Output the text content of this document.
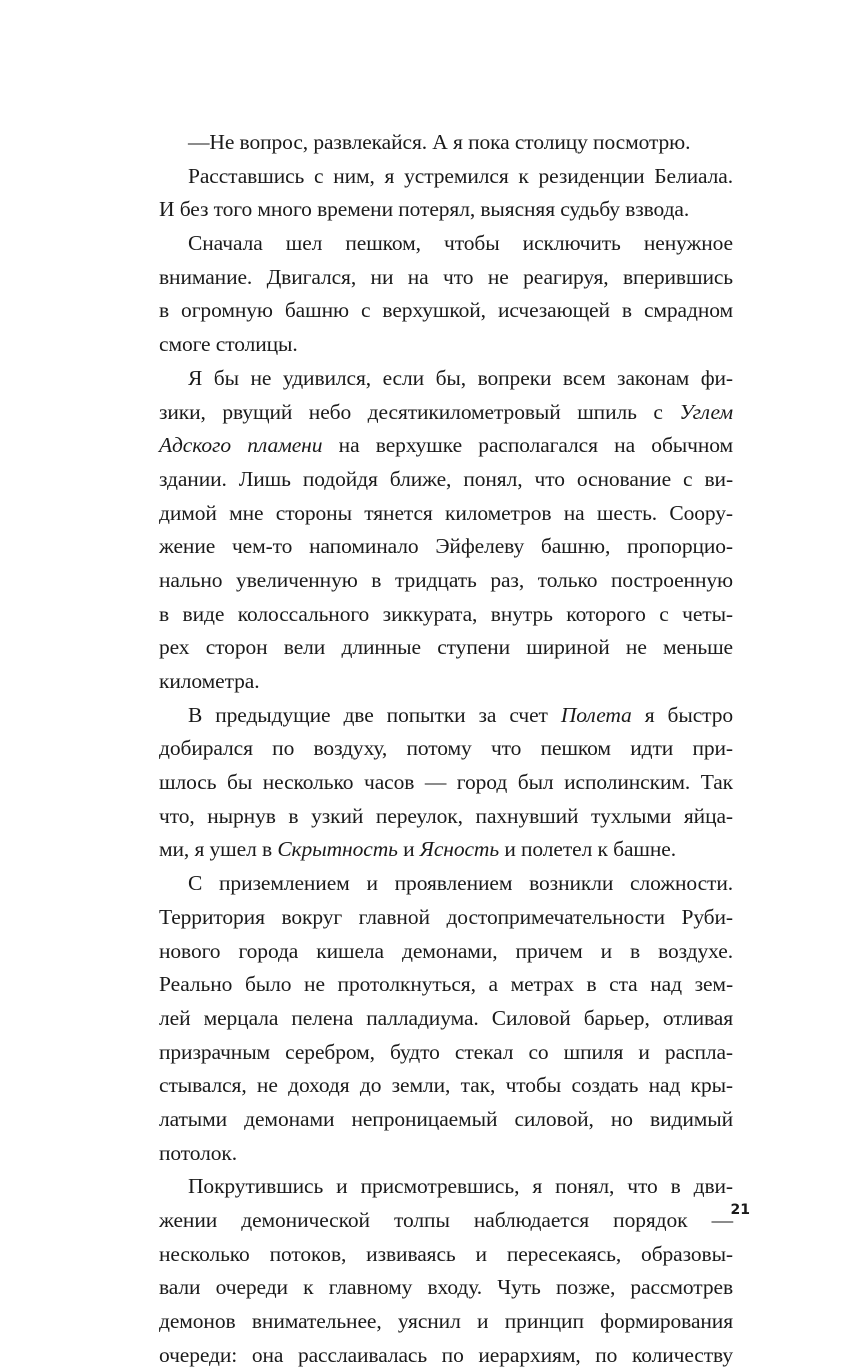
—Не вопрос, развлекайся. А я пока столицу посмотрю.
Расставшись с ним, я устремился к резиденции Белиала.
И без того много времени потерял, выясняя судьбу взвода.
Сначала шел пешком, чтобы исключить ненужное
внимание. Двигался, ни на что не реагируя, вперившись
в огромную башню с верхушкой, исчезающей в смрадном
смоге столицы.
Я бы не удивился, если бы, вопреки всем законам фи-
зики, рвущий небо десятикилометровый шпиль с Углем
Адского пламени на верхушке располагался на обычном
здании. Лишь подойдя ближе, понял, что основание с ви-
димой мне стороны тянется километров на шесть. Соору-
жение чем-то напоминало Эйфелеву башню, пропорцио-
нально увеличенную в тридцать раз, только построенную
в виде колоссального зиккурата, внутрь которого с четы-
рех сторон вели длинные ступени шириной не меньше
километра.
В предыдущие две попытки за счет Полета я быстро
добирался по воздуху, потому что пешком идти при-
шлось бы несколько часов — город был исполинским. Так
что, нырнув в узкий переулок, пахнувший тухлыми яйца-
ми, я ушел в Скрытность и Ясность и полетел к башне.
С приземлением и проявлением возникли сложности.
Территория вокруг главной достопримечательности Руби-
нового города кишела демонами, причем и в воздухе.
Реально было не протолкнуться, а метрах в ста над зем-
лей мерцала пелена палладиума. Силовой барьер, отливая
призрачным серебром, будто стекал со шпиля и распла-
стывался, не доходя до земли, так, чтобы создать над кры-
латыми демонами непроницаемый силовой, но видимый
потолок.
Покрутившись и присмотревшись, я понял, что в дви-
жении демонической толпы наблюдается порядок —
несколько потоков, извиваясь и пересекаясь, образовы-
вали очереди к главному входу. Чуть позже, рассмотрев
демонов внимательнее, уяснил и принцип формирования
очереди: она расслаивалась по иерархиям, по количеству
21
